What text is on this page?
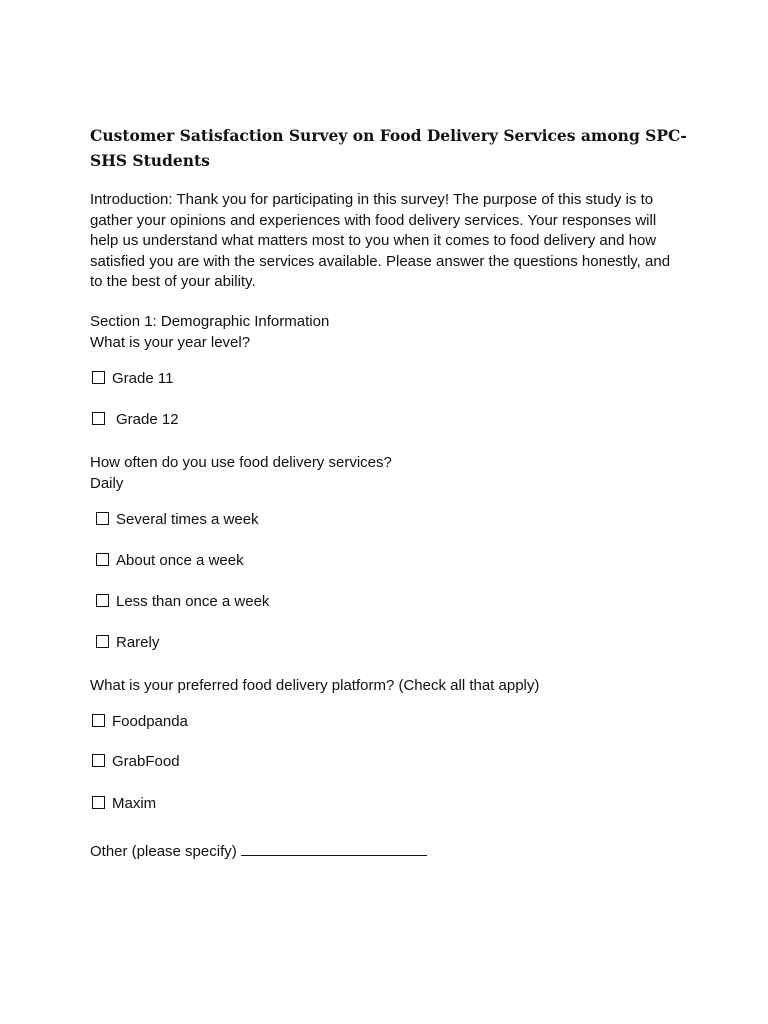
Customer Satisfaction Survey on Food Delivery Services among SPC-SHS Students

Introduction: Thank you for participating in this survey! The purpose of this study is to gather your opinions and experiences with food delivery services. Your responses will help us understand what matters most to you when it comes to food delivery and how satisfied you are with the services available. Please answer the questions honestly, and to the best of your ability.

Section 1: Demographic Information

What is your year level?

Grade 11
Grade 12

How often do you use food delivery services?

Daily

Several times a week
About once a week
Less than once a week
Rarely

What is your preferred food delivery platform? (Check all that apply)

Foodpanda
GrabFood
Maxim

Other (please specify)
